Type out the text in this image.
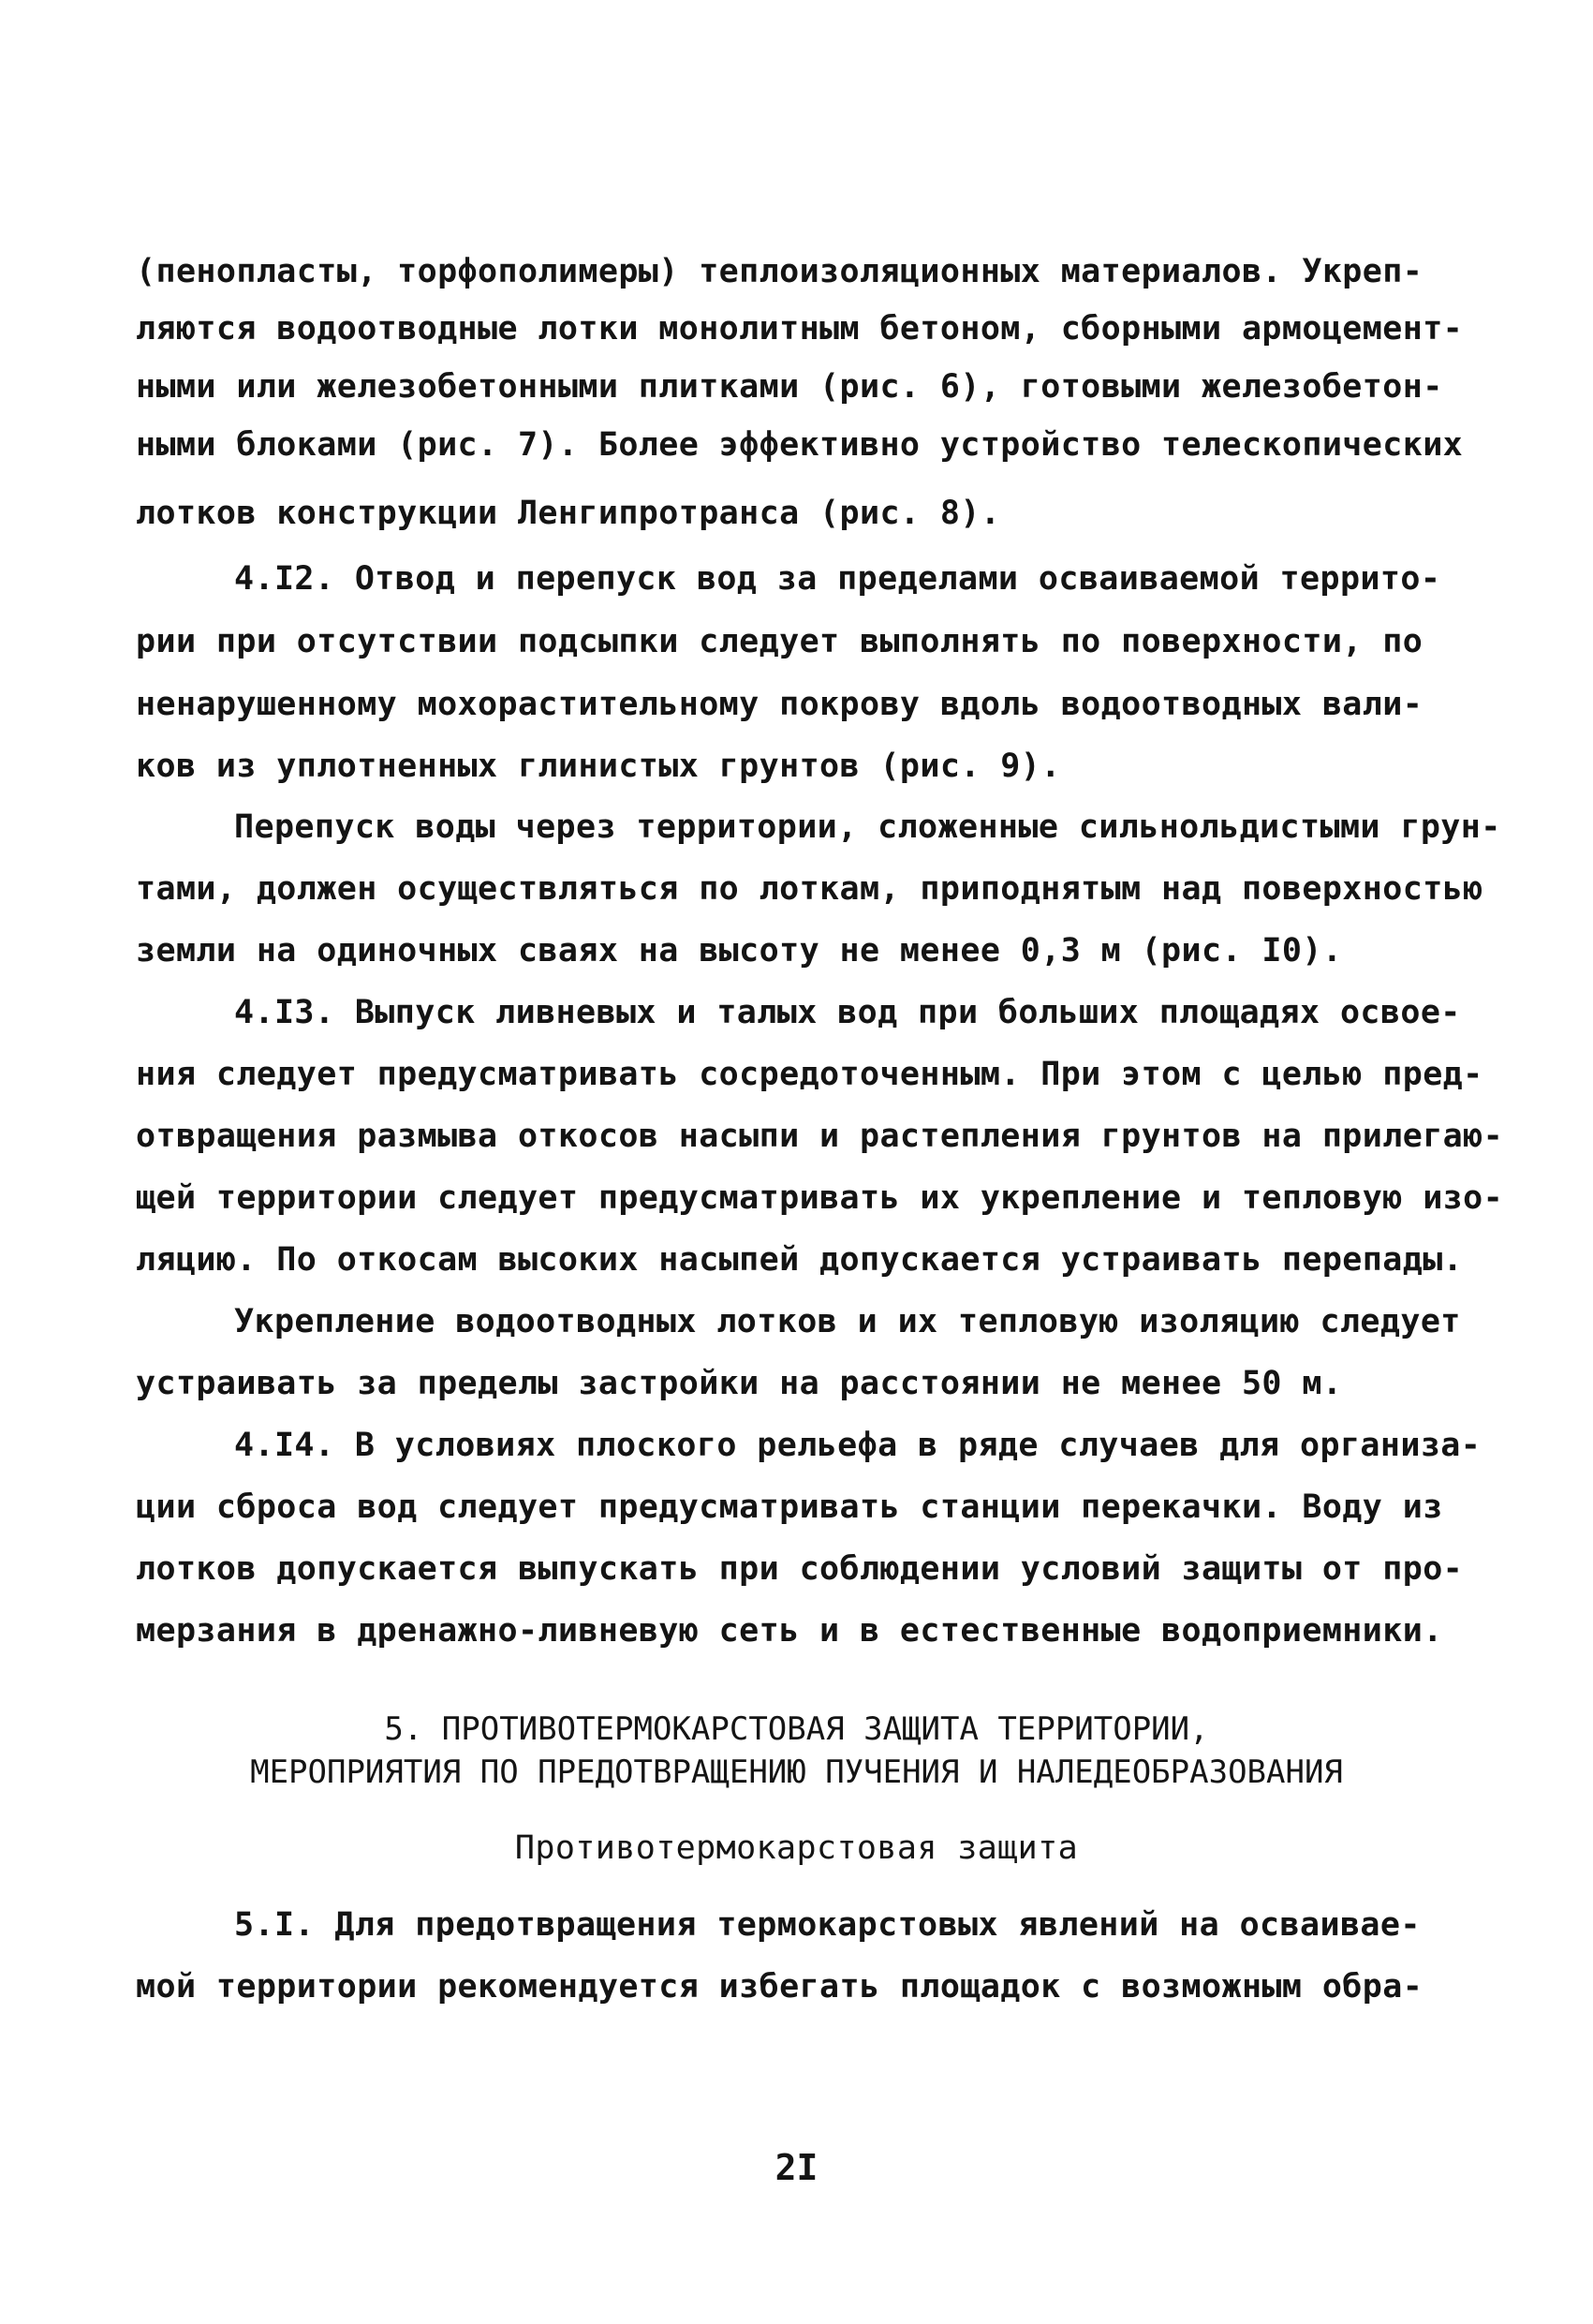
(пенопласты, торфополимеры) теплоизоляционных материалов. Укреп-
ляются водоотводные лотки монолитным бетоном, сборными армоцемент-
ными или железобетонными плитками (рис. 6), готовыми железобетон-
ными блоками (рис. 7). Более эффективно устройство телескопических
лотков конструкции Ленгипротранса (рис. 8).
4.I2. Отвод и перепуск вод за пределами осваиваемой террито-
рии при отсутствии подсыпки следует выполнять по поверхности, по
ненарушенному мохорастительному покрову вдоль водоотводных вали-
ков из уплотненных глинистых грунтов (рис. 9).
Перепуск воды через территории, сложенные сильнольдистыми грун-
тами, должен осуществляться по лоткам, приподнятым над поверхностью
земли на одиночных сваях на высоту не менее 0,3 м (рис. I0).
4.I3. Выпуск ливневых и талых вод при больших площадях освое-
ния следует предусматривать сосредоточенным. При этом с целью пред-
отвращения размыва откосов насыпи и растепления грунтов на прилегаю-
щей территории следует предусматривать их укрепление и тепловую изо-
ляцию. По откосам высоких насыпей допускается устраивать перепады.
Укрепление водоотводных лотков и их тепловую изоляцию следует
устраивать за пределы застройки на расстоянии не менее 50 м.
4.I4. В условиях плоского рельефа в ряде случаев для организа-
ции сброса вод следует предусматривать станции перекачки. Воду из
лотков допускается выпускать при соблюдении условий защиты от про-
мерзания в дренажно-ливневую сеть и в естественные водоприемники.
5. ПРОТИВОТЕРМОКАРСТОВАЯ ЗАЩИТА ТЕРРИТОРИИ,
МЕРОПРИЯТИЯ ПО ПРЕДОТВРАЩЕНИЮ ПУЧЕНИЯ И НАЛЕДЕОБРАЗОВАНИЯ
Противотермокарстовая защита
5.I. Для предотвращения термокарстовых явлений на осваивае-
мой территории рекомендуется избегать площадок с возможным обра-
2I
